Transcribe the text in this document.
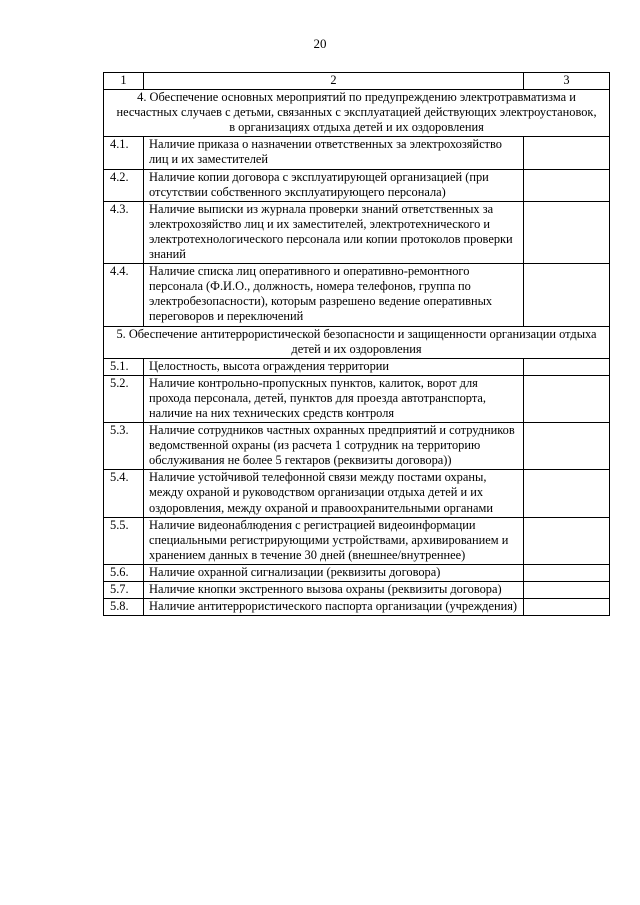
20
1	2	3
4. Обеспечение основных мероприятий по предупреждению электротравматизма и несчастных случаев с детьми, связанных с эксплуатацией действующих электроустановок, в организациях отдыха детей и их оздоровления		
4.1.	Наличие приказа о назначении ответственных за электрохозяйство лиц и их заместителей	
4.2.	Наличие копии договора с эксплуатирующей организацией (при отсутствии собственного эксплуатирующего персонала)	
4.3.	Наличие выписки из журнала проверки знаний ответственных за электрохозяйство лиц и их заместителей, электротехнического и электротехнологического персонала или копии протоколов проверки знаний	
4.4.	Наличие списка лиц оперативного и оперативно-ремонтного персонала (Ф.И.О., должность, номера телефонов, группа по электробезопасности), которым разрешено ведение оперативных переговоров и переключений	
5. Обеспечение антитеррористической безопасности и защищенности организации отдыха детей и их оздоровления		
5.1.	Целостность, высота ограждения территории	
5.2.	Наличие контрольно-пропускных пунктов, калиток, ворот для прохода персонала, детей, пунктов для проезда автотранспорта, наличие на них технических средств контроля	
5.3.	Наличие сотрудников частных охранных предприятий и сотрудников ведомственной охраны (из расчета 1 сотрудник на территорию обслуживания не более 5 гектаров (реквизиты договора))	
5.4.	Наличие устойчивой телефонной связи между постами охраны, между охраной и руководством организации отдыха детей и их оздоровления, между охраной и правоохранительными органами	
5.5.	Наличие видеонаблюдения с регистрацией видеоинформации специальными регистрирующими устройствами, архивированием и хранением данных в течение 30 дней (внешнее/внутреннее)	
5.6.	Наличие охранной сигнализации (реквизиты договора)	
5.7.	Наличие кнопки экстренного вызова охраны (реквизиты договора)	
5.8.	Наличие антитеррористического паспорта организации (учреждения)	
